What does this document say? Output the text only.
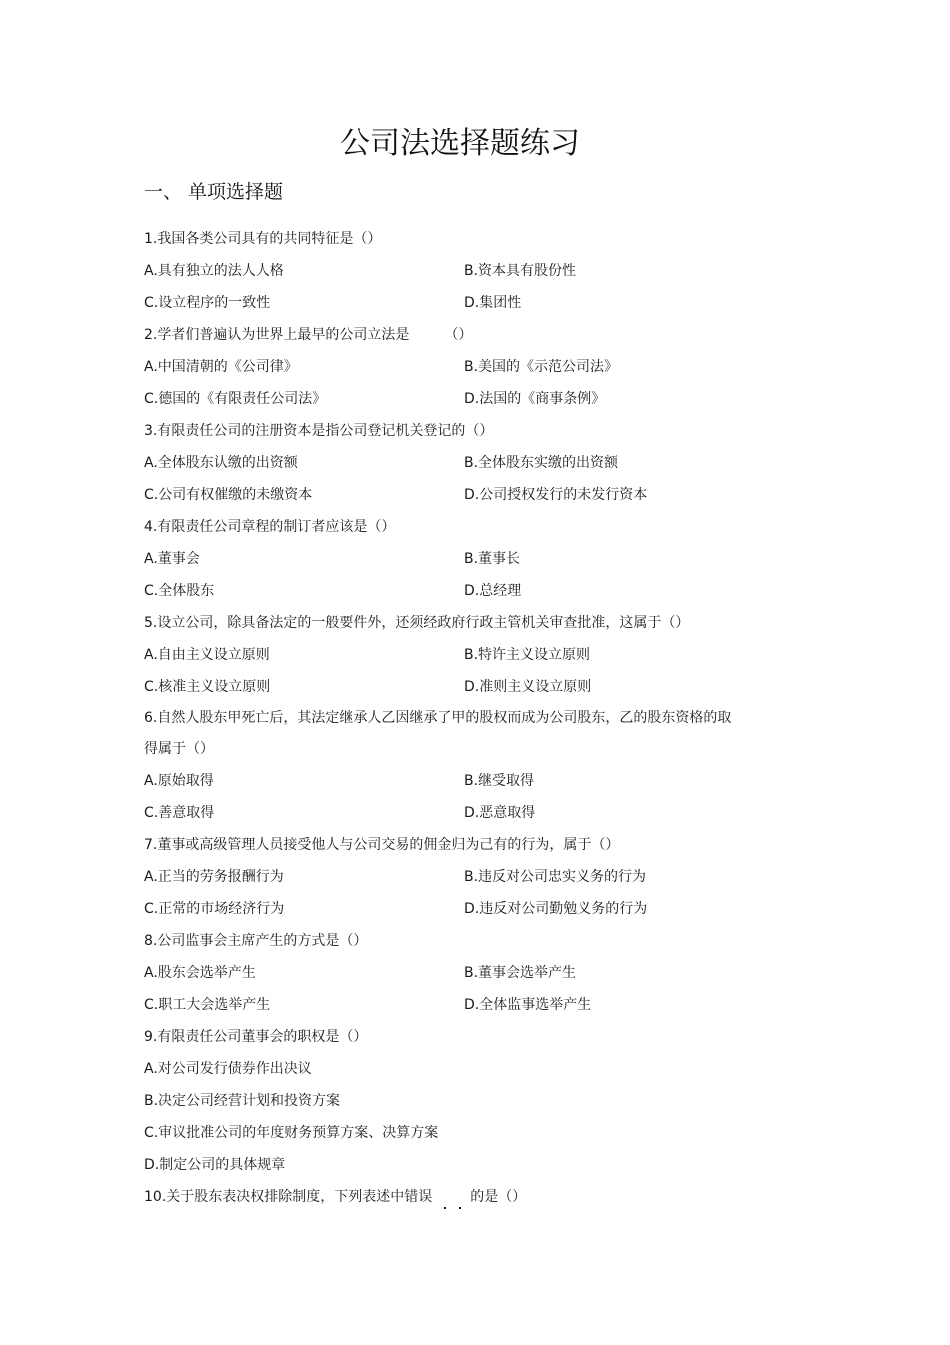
公司法选择题练习
一、 单项选择题
1.我国各类公司具有的共同特征是（）
A.具有独立的法人人格	B.资本具有股份性
C.设立程序的一致性	D.集团性
2.学者们普遍认为世界上最早的公司立法是　　　（）
A.中国清朝的《公司律》	B.美国的《示范公司法》
C.德国的《有限责任公司法》	D.法国的《商事条例》
3.有限责任公司的注册资本是指公司登记机关登记的（）
A.全体股东认缴的出资额	B.全体股东实缴的出资额
C.公司有权催缴的未缴资本	D.公司授权发行的未发行资本
4.有限责任公司章程的制订者应该是（）
A.董事会	B.董事长
C.全体股东	D.总经理
5.设立公司，除具备法定的一般要件外，还须经政府行政主管机关审查批准，这属于（）
A.自由主义设立原则	B.特许主义设立原则
C.核准主义设立原则	D.准则主义设立原则
6.自然人股东甲死亡后，其法定继承人乙因继承了甲的股权而成为公司股东，乙的股东资格的取得属于（）
A.原始取得	B.继受取得
C.善意取得	D.恶意取得
7.董事或高级管理人员接受他人与公司交易的佣金归为己有的行为，属于（）
A.正当的劳务报酬行为	B.违反对公司忠实义务的行为
C.正常的市场经济行为	D.违反对公司勤勉义务的行为
8.公司监事会主席产生的方式是（）
A.股东会选举产生	B.董事会选举产生
C.职工大会选举产生	D.全体监事选举产生
9.有限责任公司董事会的职权是（）
A.对公司发行债券作出决议
B.决定公司经营计划和投资方案
C.审议批准公司的年度财务预算方案、决算方案
D.制定公司的具体规章
10.关于股东表决权排除制度，下列表述中错误	的是（）
